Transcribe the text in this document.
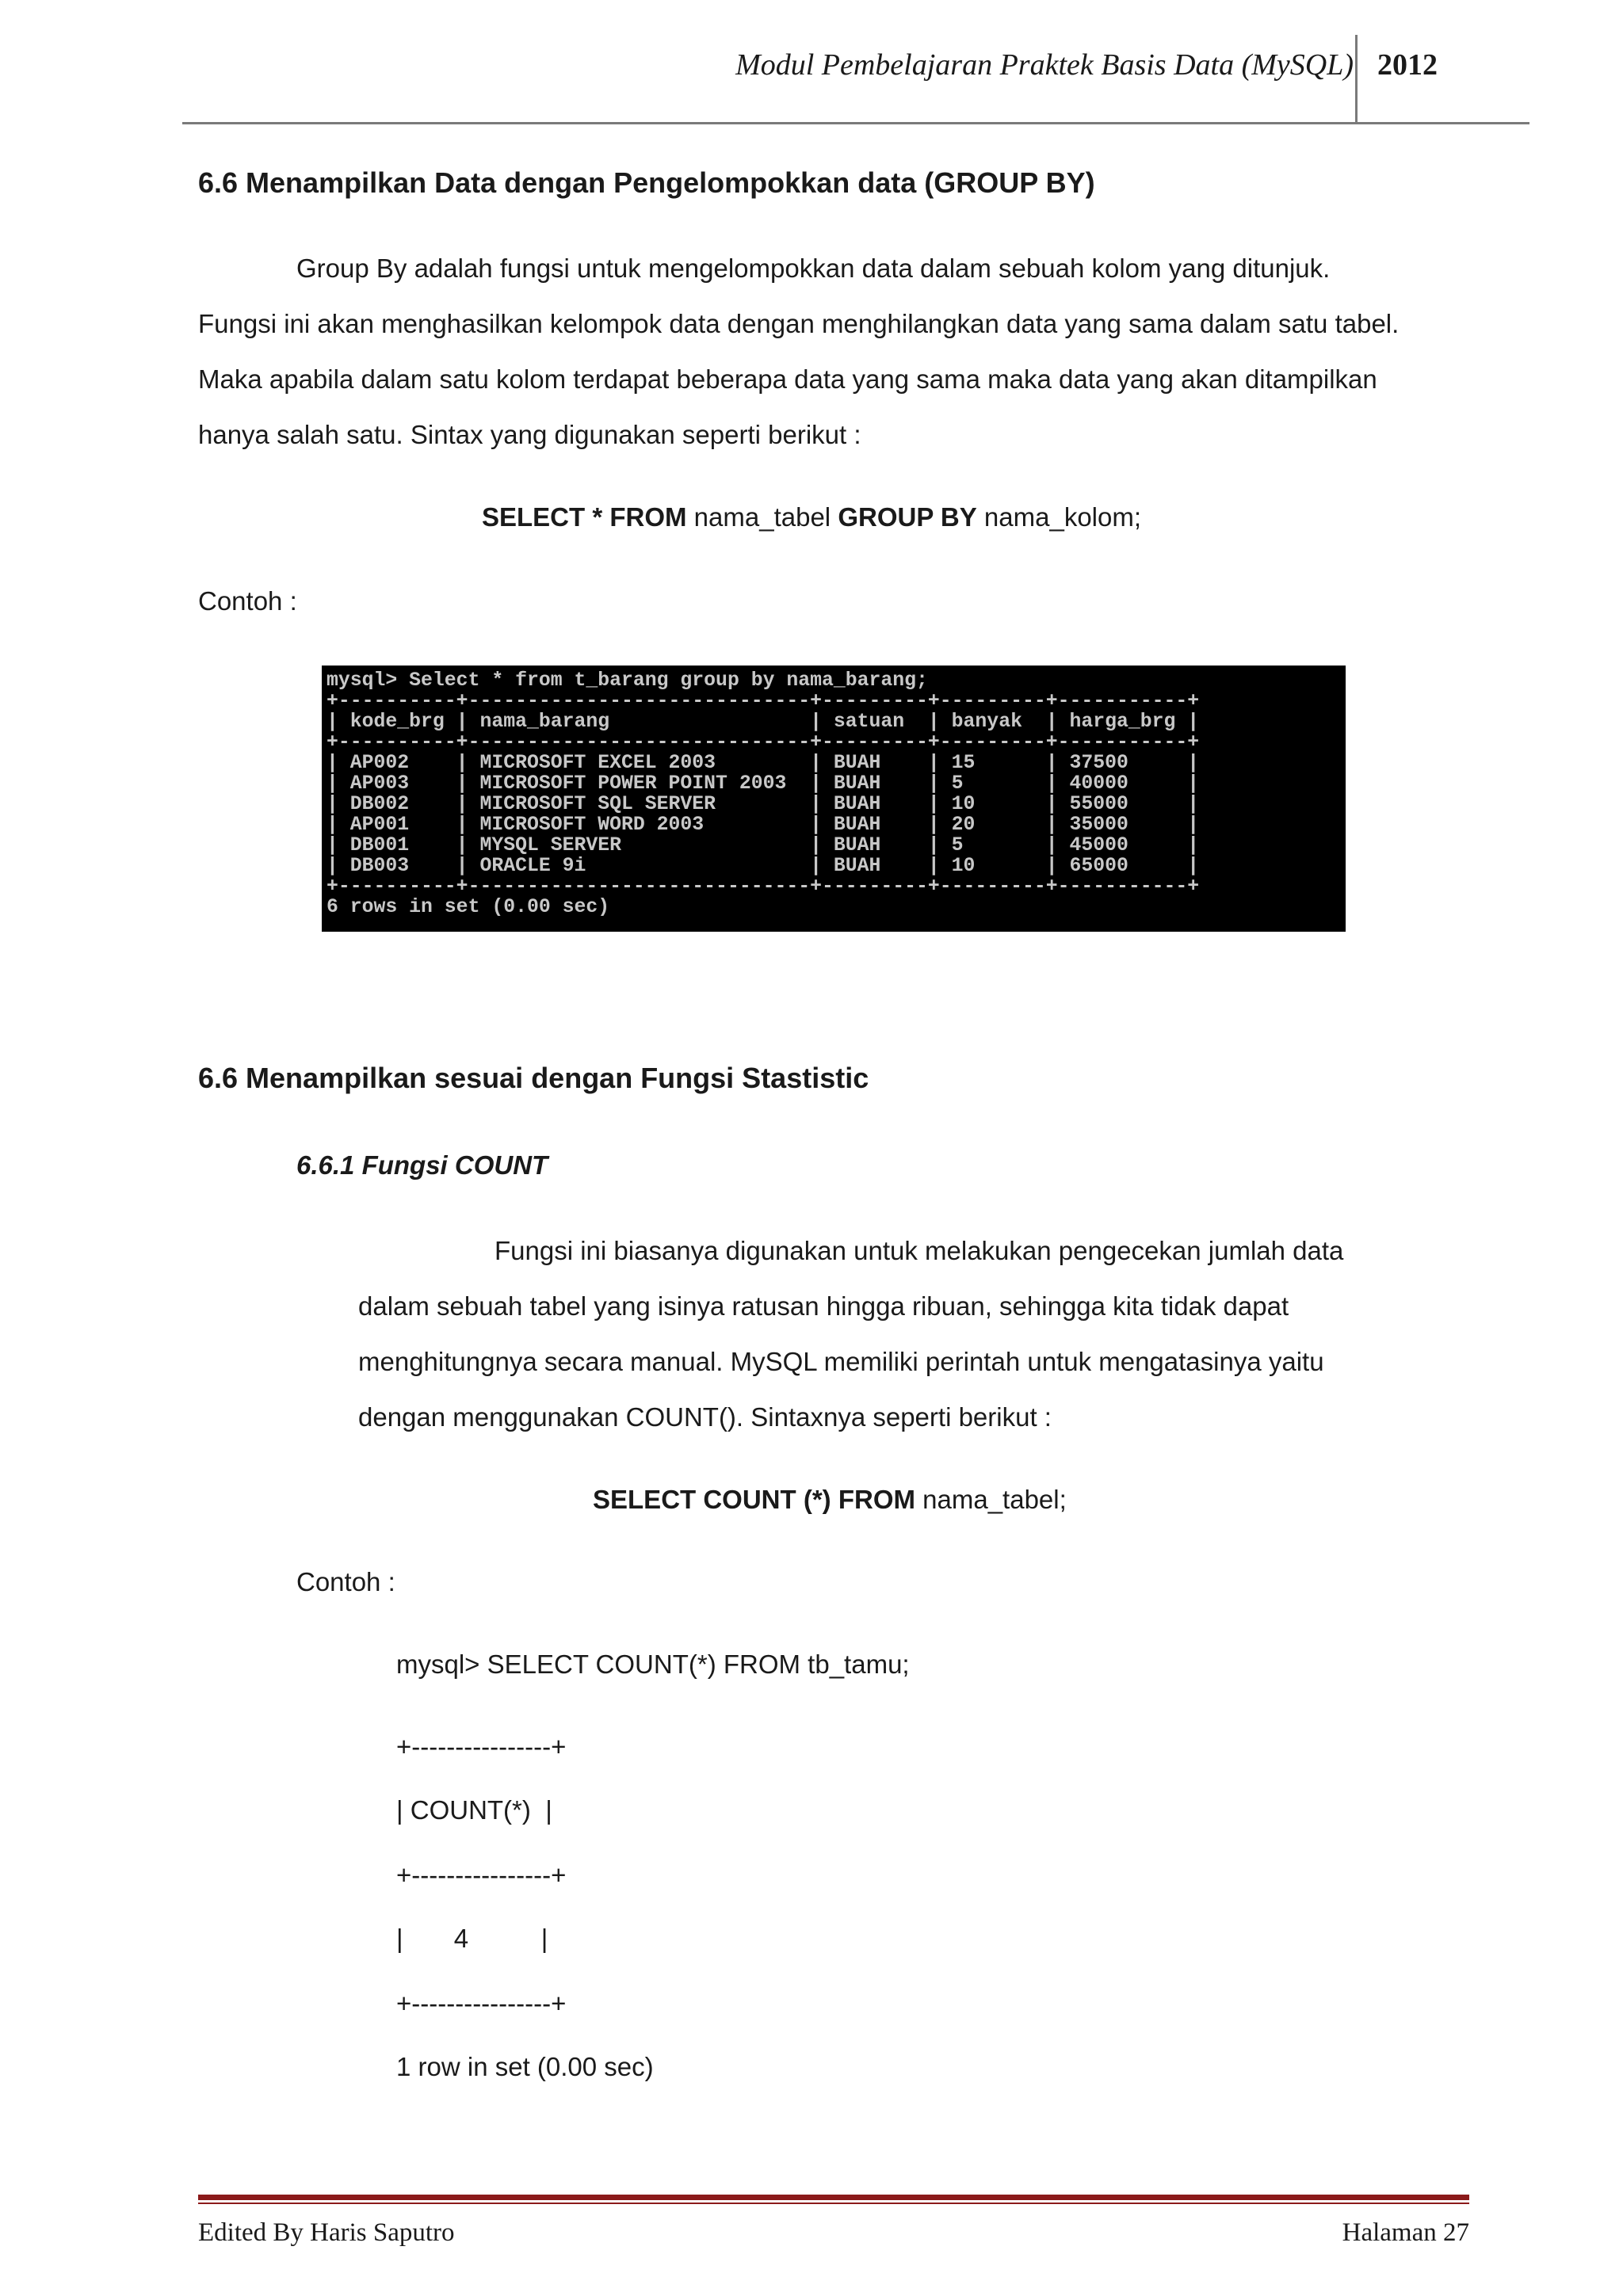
Modul Pembelajaran Praktek Basis Data (MySQL) 2012
6.6 Menampilkan Data dengan Pengelompokkan data (GROUP BY)
Group By adalah fungsi untuk mengelompokkan data dalam sebuah kolom yang ditunjuk.
Fungsi ini akan menghasilkan kelompok data dengan menghilangkan data yang sama dalam satu tabel.
Maka apabila dalam satu kolom terdapat beberapa data yang sama maka data yang akan ditampilkan
hanya salah satu. Sintax yang digunakan seperti berikut :
SELECT * FROM nama_tabel GROUP BY nama_kolom;
Contoh :
mysql> Select * from t_barang group by nama_barang;
+----------+-----------------------------+---------+---------+-----------+
| kode_brg | nama_barang                 | satuan  | banyak  | harga_brg |
+----------+-----------------------------+---------+---------+-----------+
| AP002    | MICROSOFT EXCEL 2003        | BUAH    | 15      | 37500     |
| AP003    | MICROSOFT POWER POINT 2003  | BUAH    | 5       | 40000     |
| DB002    | MICROSOFT SQL SERVER        | BUAH    | 10      | 55000     |
| AP001    | MICROSOFT WORD 2003         | BUAH    | 20      | 35000     |
| DB001    | MYSQL SERVER                | BUAH    | 5       | 45000     |
| DB003    | ORACLE 9i                   | BUAH    | 10      | 65000     |
+----------+-----------------------------+---------+---------+-----------+
6 rows in set (0.00 sec)
6.6 Menampilkan sesuai dengan Fungsi Stastistic
6.6.1 Fungsi COUNT
Fungsi ini biasanya digunakan untuk melakukan pengecekan jumlah data
dalam sebuah tabel yang isinya ratusan hingga ribuan, sehingga kita tidak dapat
menghitungnya secara manual. MySQL memiliki perintah untuk mengatasinya yaitu
dengan menggunakan COUNT(). Sintaxnya seperti berikut :
SELECT COUNT (*) FROM nama_tabel;
Contoh :
mysql> SELECT COUNT(*) FROM tb_tamu;
+----------------+
| COUNT(*)  |
+----------------+
|       4          |
+----------------+
1 row in set (0.00 sec)
Edited By Haris Saputro	Halaman 27
